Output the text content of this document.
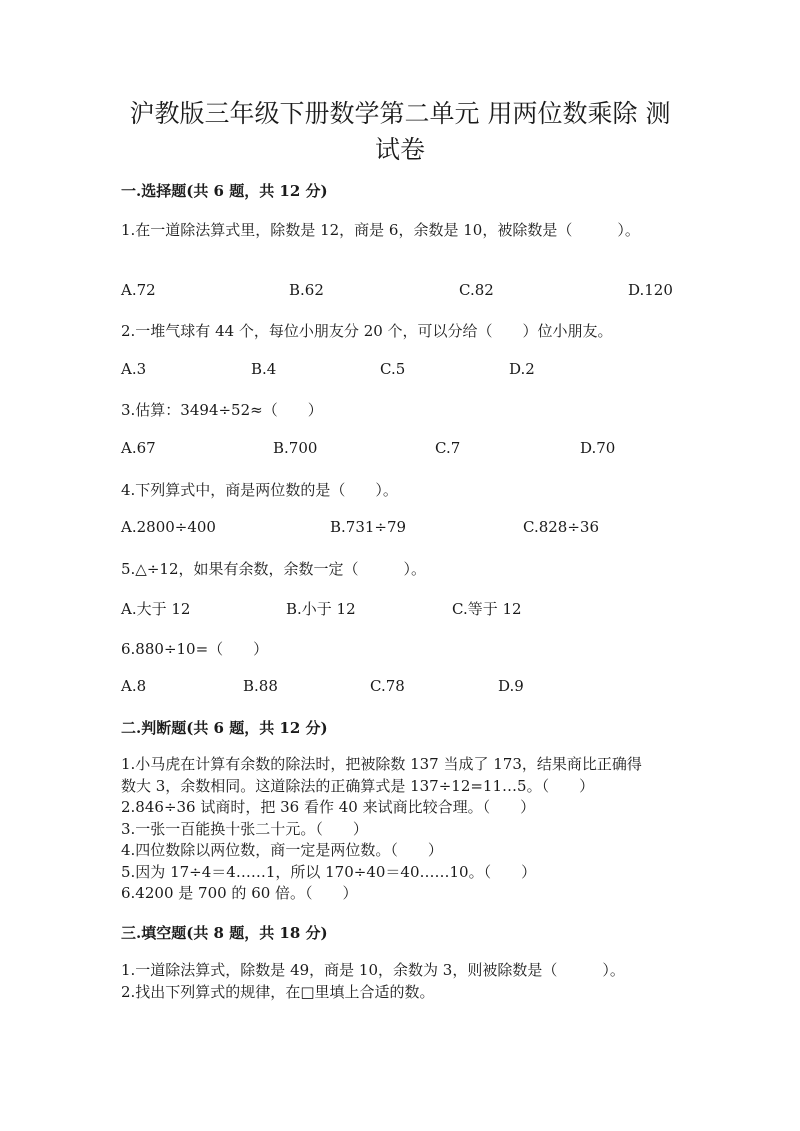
沪教版三年级下册数学第二单元 用两位数乘除 测
试卷
一.选择题(共 6 题，共 12 分)
1.在一道除法算式里，除数是 12，商是 6，余数是 10，被除数是（　　　）。
A.72	B.62	C.82	D.120
2.一堆气球有 44 个，每位小朋友分 20 个，可以分给（　　）位小朋友。
A.3	B.4	C.5	D.2
3.估算：3494÷52≈（　　）
A.67	B.700	C.7	D.70
4.下列算式中，商是两位数的是（　　）。
A.2800÷400	B.731÷79	C.828÷36
5.△÷12，如果有余数，余数一定（　　　）。
A.大于 12	B.小于 12	C.等于 12
6.880÷10=（　　）
A.8	B.88	C.78	D.9
二.判断题(共 6 题，共 12 分)
1.小马虎在计算有余数的除法时，把被除数 137 当成了 173，结果商比正确得
数大 3，余数相同。这道除法的正确算式是 137÷12=11…5。（　　）
2.846÷36 试商时，把 36 看作 40 来试商比较合理。（　　）
3.一张一百能换十张二十元。（　　）
4.四位数除以两位数，商一定是两位数。（　　）
5.因为 17÷4＝4……1，所以 170÷40＝40……10。（　　）
6.4200 是 700 的 60 倍。（　　）
三.填空题(共 8 题，共 18 分)
1.一道除法算式，除数是 49，商是 10，余数为 3，则被除数是（　　　）。
2.找出下列算式的规律，在□里填上合适的数。
